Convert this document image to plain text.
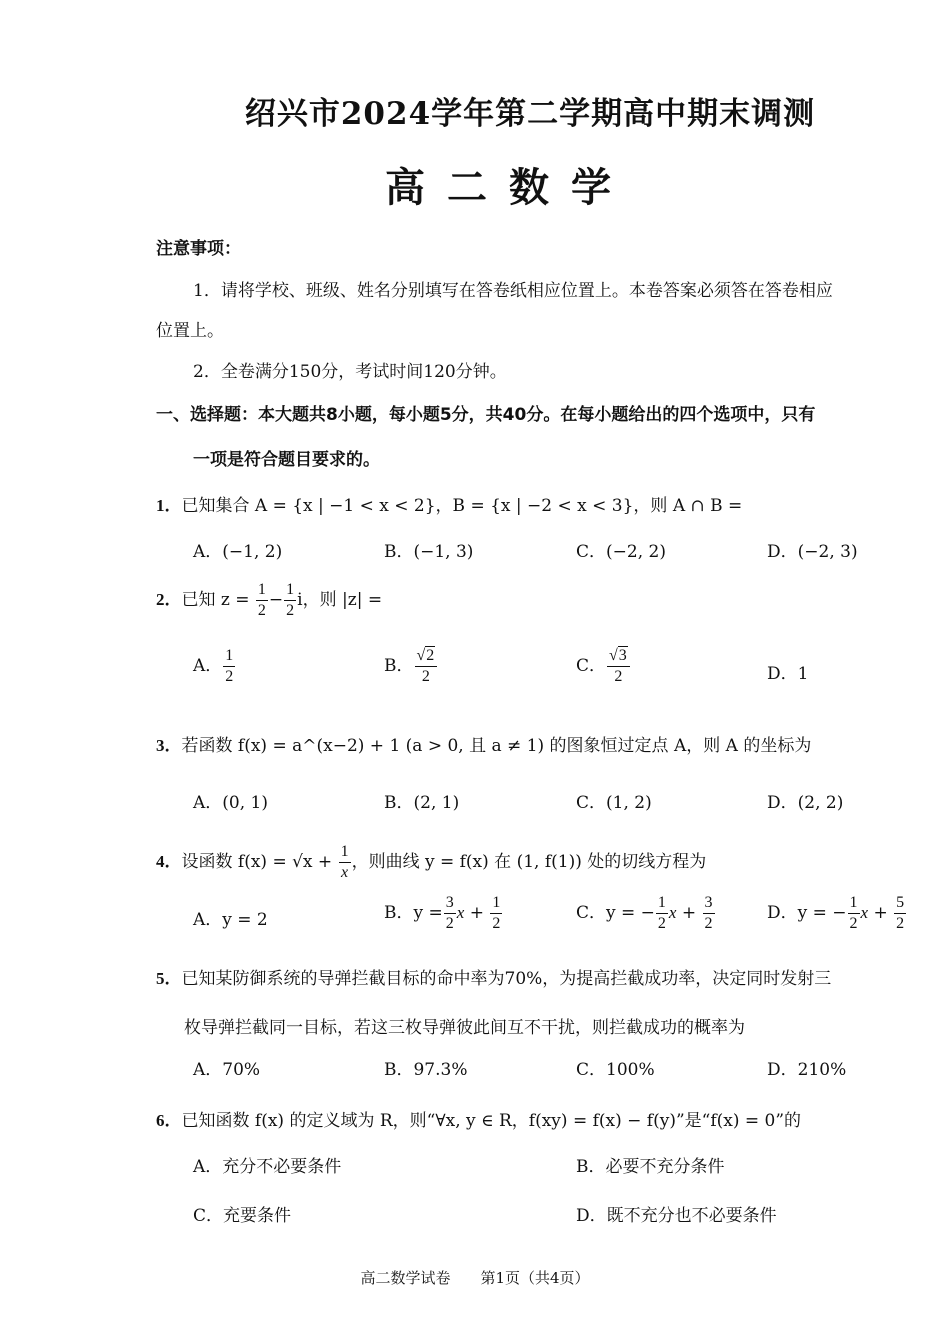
绍兴市2024学年第二学期高中期末调测
高二数学
注意事项：
1．请将学校、班级、姓名分别填写在答卷纸相应位置上。本卷答案必须答在答卷相应
位置上。
2．全卷满分150分，考试时间120分钟。
一、选择题：本大题共8小题，每小题5分，共40分。在每小题给出的四个选项中，只有
一项是符合题目要求的。
1．已知集合 A = {x | −1 < x < 2}，B = {x | −2 < x < 3}，则 A ∩ B =
A．(−1, 2)	B．(−1, 3)	C．(−2, 2)	D．(−2, 3)
2．已知 $z = \frac{1}{2} - \frac{1}{2}$ i，则 |z| =
A． $\frac{1}{2}$	B． $\frac{√2}{2}$	C． $\frac{√3}{2}$	D．1
3．若函数 f(x) = a^(x−2) + 1 (a > 0, 且 a ≠ 1) 的图象恒过定点 A，则 A 的坐标为
A．(0, 1)	B．(2, 1)	C．(1, 2)	D．(2, 2)
4．设函数 $f(x) = √x + \frac{1}{x}$ ，则曲线 y = f(x) 在 (1, f(1)) 处的切线方程为
A．y = 2	B．$y = \frac{3}{2}$ $x + \frac{1}{2}$	C．y = − $\frac{1}{2}$ $x + \frac{3}{2}$	D．y = − $\frac{1}{2}$ $x + \frac{5}{2}$
5．已知某防御系统的导弹拦截目标的命中率为70%，为提高拦截成功率，决定同时发射三
枚导弹拦截同一目标，若这三枚导弹彼此间互不干扰，则拦截成功的概率为
A．70%	B．97.3%	C．100%	D．210%
6．已知函数 f(x) 的定义域为 R，则“∀x, y ∈ R，f(xy) = f(x) − f(y)”是“f(x) = 0”的
A．充分不必要条件	B．必要不充分条件
C．充要条件	D．既不充分也不必要条件
高二数学试卷　　第1页（共4页）
